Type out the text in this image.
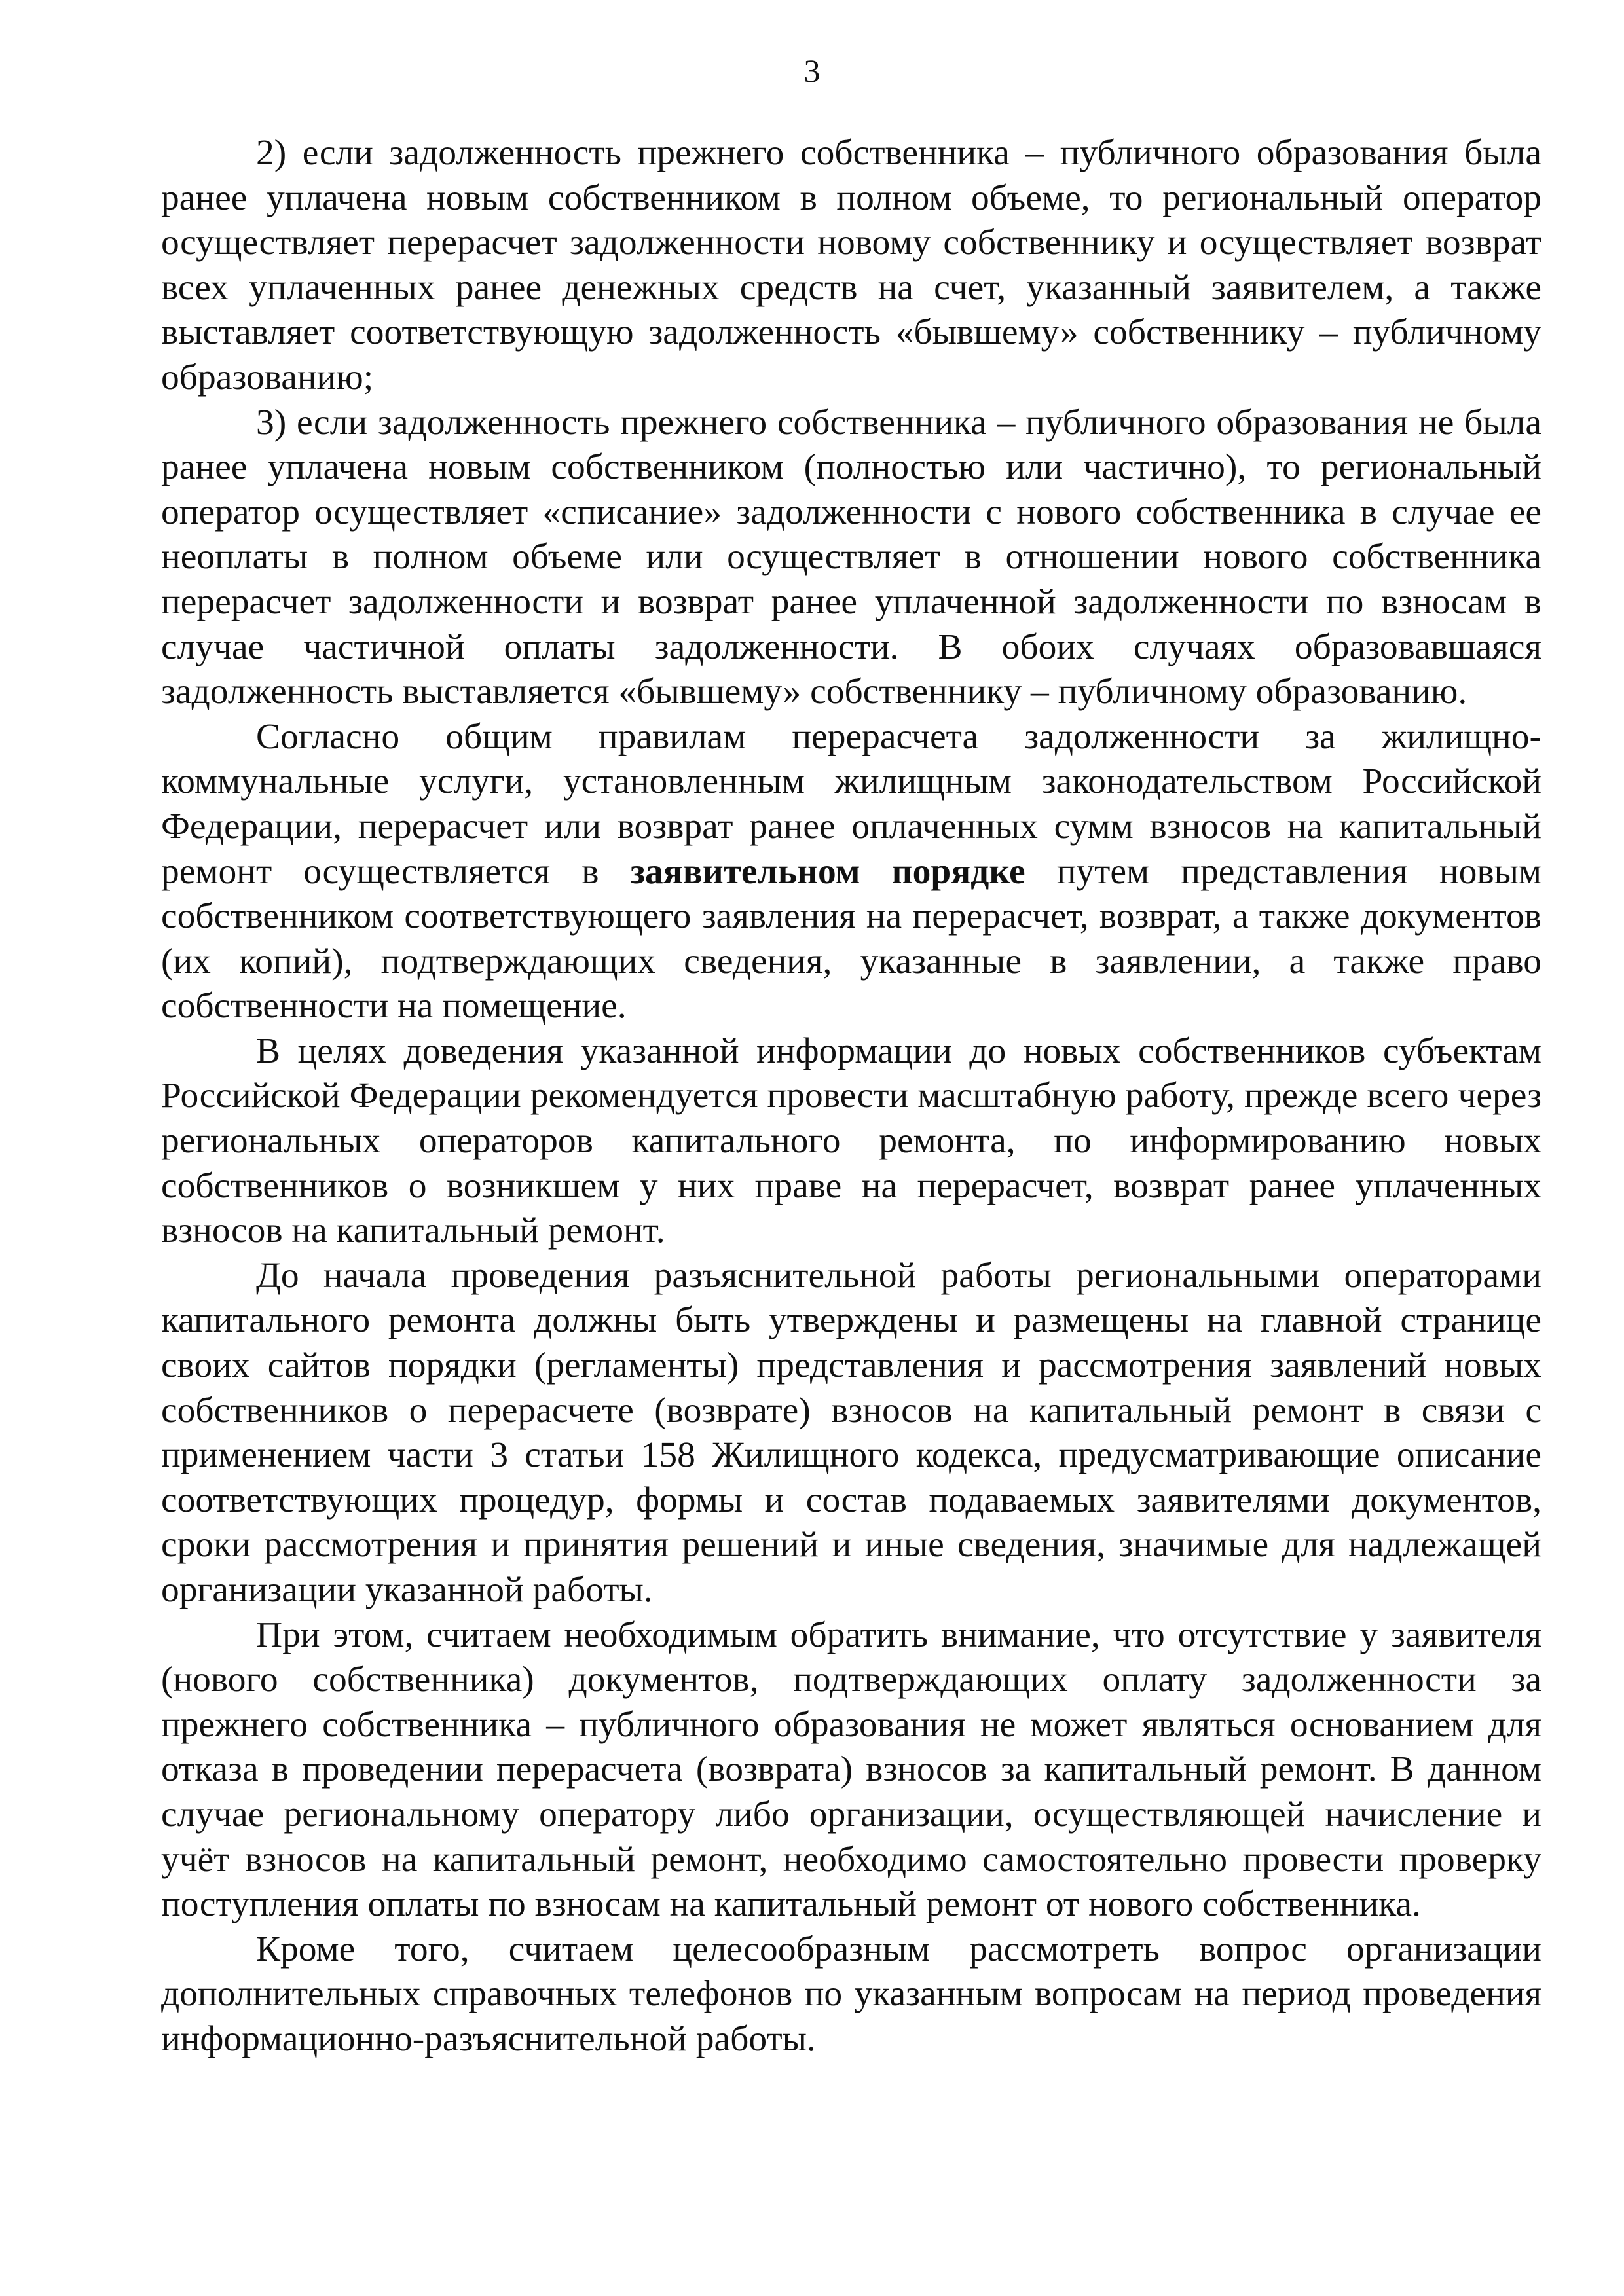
3

2) если задолженность прежнего собственника – публичного образования была ранее уплачена новым собственником в полном объеме, то региональный оператор осуществляет перерасчет задолженности новому собственнику и осуществляет возврат всех уплаченных ранее денежных средств на счет, указанный заявителем, а также выставляет соответствующую задолженность «бывшему» собственнику – публичному образованию;

3) если задолженность прежнего собственника – публичного образования не была ранее уплачена новым собственником (полностью или частично), то региональный оператор осуществляет «списание» задолженности с нового собственника в случае ее неоплаты в полном объеме или осуществляет в отношении нового собственника перерасчет задолженности и возврат ранее уплаченной задолженности по взносам в случае частичной оплаты задолженности. В обоих случаях образовавшаяся задолженность выставляется «бывшему» собственнику – публичному образованию.

Согласно общим правилам перерасчета задолженности за жилищно-коммунальные услуги, установленным жилищным законодательством Российской Федерации, перерасчет или возврат ранее оплаченных сумм взносов на капитальный ремонт осуществляется в заявительном порядке путем представления новым собственником соответствующего заявления на перерасчет, возврат, а также документов (их копий), подтверждающих сведения, указанные в заявлении, а также право собственности на помещение.

В целях доведения указанной информации до новых собственников субъектам Российской Федерации рекомендуется провести масштабную работу, прежде всего через региональных операторов капитального ремонта, по информированию новых собственников о возникшем у них праве на перерасчет, возврат ранее уплаченных взносов на капитальный ремонт.

До начала проведения разъяснительной работы региональными операторами капитального ремонта должны быть утверждены и размещены на главной странице своих сайтов порядки (регламенты) представления и рассмотрения заявлений новых собственников о перерасчете (возврате) взносов на капитальный ремонт в связи с применением части 3 статьи 158 Жилищного кодекса, предусматривающие описание соответствующих процедур, формы и состав подаваемых заявителями документов, сроки рассмотрения и принятия решений и иные сведения, значимые для надлежащей организации указанной работы.

При этом, считаем необходимым обратить внимание, что отсутствие у заявителя (нового собственника) документов, подтверждающих оплату задолженности за прежнего собственника – публичного образования не может являться основанием для отказа в проведении перерасчета (возврата) взносов за капитальный ремонт. В данном случае региональному оператору либо организации, осуществляющей начисление и учёт взносов на капитальный ремонт, необходимо самостоятельно провести проверку поступления оплаты по взносам на капитальный ремонт от нового собственника.

Кроме того, считаем целесообразным рассмотреть вопрос организации дополнительных справочных телефонов по указанным вопросам на период проведения информационно-разъяснительной работы.
